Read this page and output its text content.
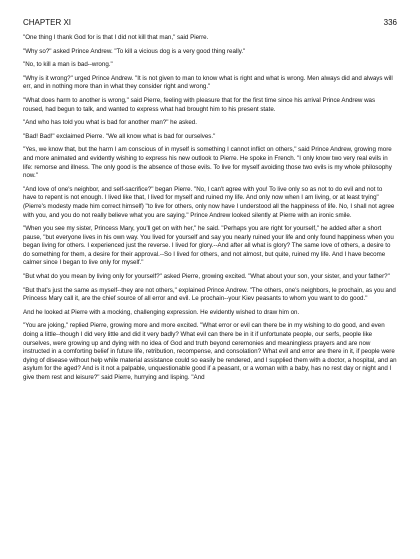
CHAPTER XI	336

"One thing I thank God for is that I did not kill that man," said Pierre.

"Why so?" asked Prince Andrew. "To kill a vicious dog is a very good thing really."

"No, to kill a man is bad--wrong."

"Why is it wrong?" urged Prince Andrew. "It is not given to man to know what is right and what is wrong. Men always did and always will err, and in nothing more than in what they consider right and wrong."

"What does harm to another is wrong," said Pierre, feeling with pleasure that for the first time since his arrival Prince Andrew was roused, had begun to talk, and wanted to express what had brought him to his present state.

"And who has told you what is bad for another man?" he asked.

"Bad! Bad!" exclaimed Pierre. "We all know what is bad for ourselves."

"Yes, we know that, but the harm I am conscious of in myself is something I cannot inflict on others," said Prince Andrew, growing more and more animated and evidently wishing to express his new outlook to Pierre. He spoke in French. "I only know two very real evils in life: remorse and illness. The only good is the absence of those evils. To live for myself avoiding those two evils is my whole philosophy now."

"And love of one's neighbor, and self-sacrifice?" began Pierre. "No, I can't agree with you! To live only so as not to do evil and not to have to repent is not enough. I lived like that, I lived for myself and ruined my life. And only now when I am living, or at least trying" (Pierre's modesty made him correct himself) "to live for others, only now have I understood all the happiness of life. No, I shall not agree with you, and you do not really believe what you are saying." Prince Andrew looked silently at Pierre with an ironic smile.

"When you see my sister, Princess Mary, you'll get on with her," he said. "Perhaps you are right for yourself," he added after a short pause, "but everyone lives in his own way. You lived for yourself and say you nearly ruined your life and only found happiness when you began living for others. I experienced just the reverse. I lived for glory.--And after all what is glory? The same love of others, a desire to do something for them, a desire for their approval.--So I lived for others, and not almost, but quite, ruined my life. And I have become calmer since I began to live only for myself."

"But what do you mean by living only for yourself?" asked Pierre, growing excited. "What about your son, your sister, and your father?"

"But that's just the same as myself--they are not others," explained Prince Andrew. "The others, one's neighbors, le prochain, as you and Princess Mary call it, are the chief source of all error and evil. Le prochain--your Kiev peasants to whom you want to do good."

And he looked at Pierre with a mocking, challenging expression. He evidently wished to draw him on.

"You are joking," replied Pierre, growing more and more excited. "What error or evil can there be in my wishing to do good, and even doing a little--though I did very little and did it very badly? What evil can there be in it if unfortunate people, our serfs, people like ourselves, were growing up and dying with no idea of God and truth beyond ceremonies and meaningless prayers and are now instructed in a comforting belief in future life, retribution, recompense, and consolation? What evil and error are there in it, if people were dying of disease without help while material assistance could so easily be rendered, and I supplied them with a doctor, a hospital, and an asylum for the aged? And is it not a palpable, unquestionable good if a peasant, or a woman with a baby, has no rest day or night and I give them rest and leisure?" said Pierre, hurrying and lisping. "And
